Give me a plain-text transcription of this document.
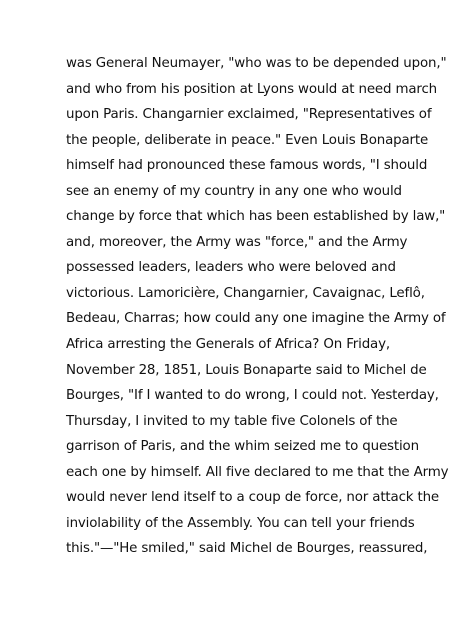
was General Neumayer, "who was to be depended upon,"
and who from his position at Lyons would at need march
upon Paris. Changarnier exclaimed, "Representatives of
the people, deliberate in peace." Even Louis Bonaparte
himself had pronounced these famous words, "I should
see an enemy of my country in any one who would
change by force that which has been established by law,"
and, moreover, the Army was "force," and the Army
possessed leaders, leaders who were beloved and
victorious. Lamoricière, Changarnier, Cavaignac, Leflô,
Bedeau, Charras; how could any one imagine the Army of
Africa arresting the Generals of Africa? On Friday,
November 28, 1851, Louis Bonaparte said to Michel de
Bourges, "If I wanted to do wrong, I could not. Yesterday,
Thursday, I invited to my table five Colonels of the
garrison of Paris, and the whim seized me to question
each one by himself. All five declared to me that the Army
would never lend itself to a coup de force, nor attack the
inviolability of the Assembly. You can tell your friends
this."—"He smiled," said Michel de Bourges, reassured,
